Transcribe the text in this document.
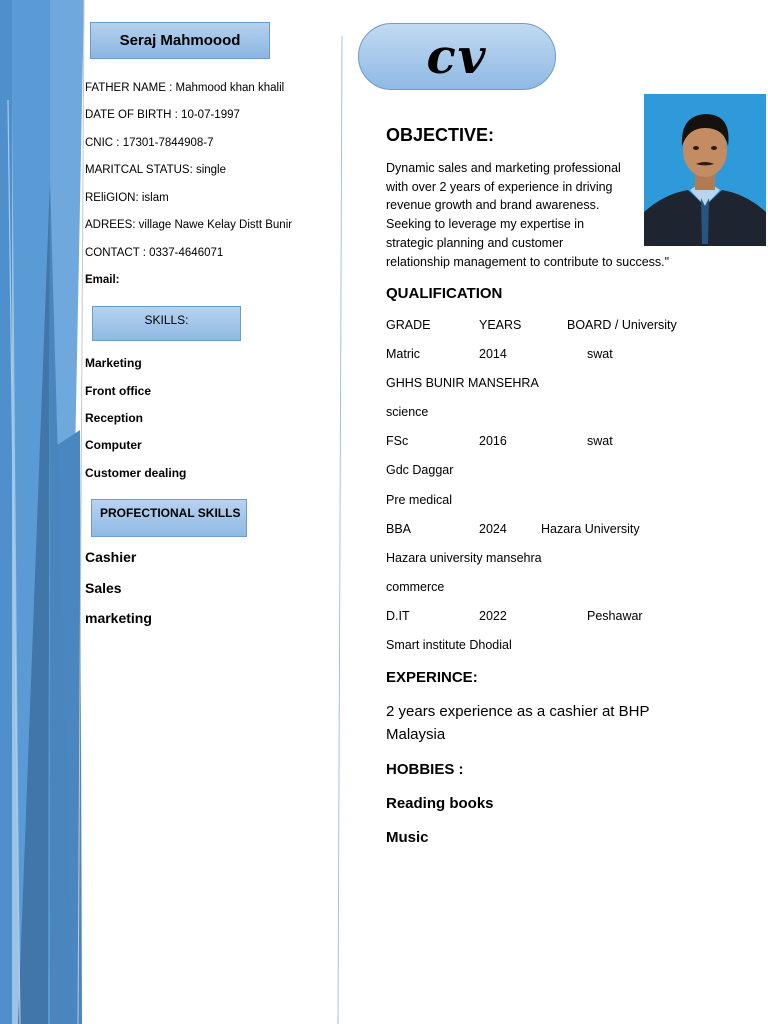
Seraj Mahmoood
FATHER NAME : Mahmood khan khalil
DATE OF BIRTH : 10-07-1997
CNIC : 17301-7844908-7
MARITCAL STATUS: single
REliGION: islam
ADREES: village Nawe Kelay Distt Bunir
CONTACT : 0337-4646071
Email:
SKILLS:
Marketing
Front office
Reception
Computer
Customer dealing
PROFECTIONAL SKILLS
Cashier
Sales
marketing
cv
OBJECTIVE:
Dynamic sales and marketing professional
with over 2 years of experience in driving
revenue growth and brand awareness.
Seeking to leverage my expertise in
strategic planning and customer
relationship management to contribute to success."
QUALIFICATION
GRADE	YEARS	BOARD / University
Matric	2014	swat
GHHS BUNIR MANSEHRA
science
FSc	2016	swat
Gdc Daggar
Pre medical
BBA	2024	Hazara University
Hazara university mansehra
commerce
D.IT	2022	Peshawar
Smart institute Dhodial
EXPERINCE:
2 years experience as a cashier at BHP
Malaysia
HOBBIES :
Reading books
Music
